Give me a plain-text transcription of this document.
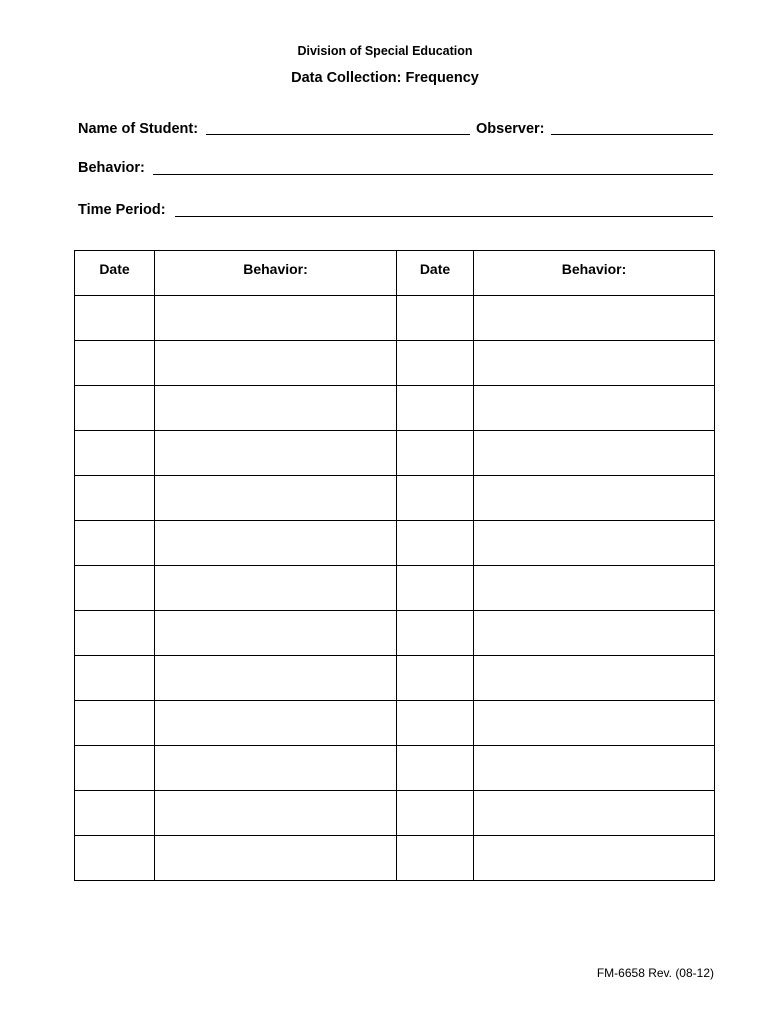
Division of Special Education
Data Collection: Frequency
Name of Student:	Observer:
Behavior:
Time Period:
Date	Behavior:	Date	Behavior:

FM-6658 Rev. (08-12)
